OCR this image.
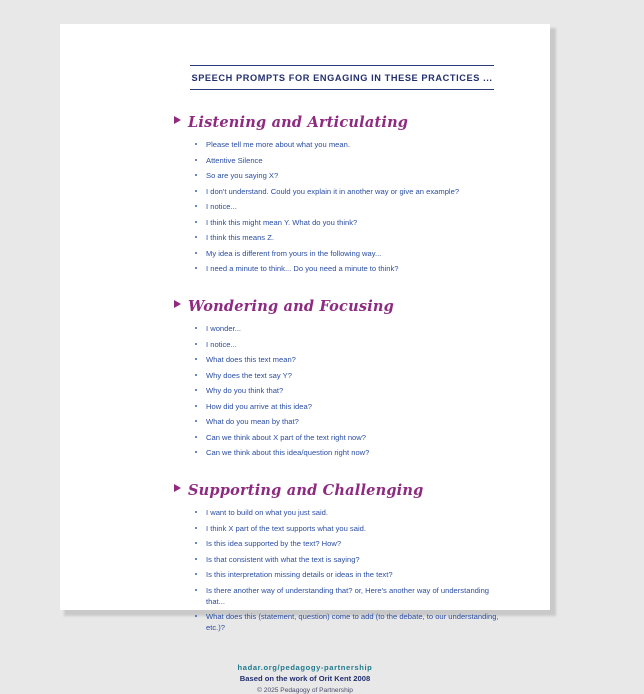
SPEECH PROMPTS FOR ENGAGING IN THESE PRACTICES ...
Listening and Articulating
Please tell me more about what you mean.
Attentive Silence
So are you saying X?
I don't understand. Could you explain it in another way or give an example?
I notice...
I think this might mean Y. What do you think?
I think this means Z.
My idea is different from yours in the following way...
I need a minute to think... Do you need a minute to think?
Wondering and Focusing
I wonder...
I notice...
What does this text mean?
Why does the text say Y?
Why do you think that?
How did you arrive at this idea?
What do you mean by that?
Can we think about X part of the text right now?
Can we think about this idea/question right now?
Supporting and Challenging
I want to build on what you just said.
I think X part of the text supports what you said.
Is this idea supported by the text? How?
Is that consistent with what the text is saying?
Is this interpretation missing details or ideas in the text?
Is there another way of understanding that? or, Here's another way of understanding that...
What does this (statement, question) come to add (to the debate, to our understanding, etc.)?
hadar.org/pedagogy-partnership
Based on the work of Orit Kent 2008
© 2025 Pedagogy of Partnership
